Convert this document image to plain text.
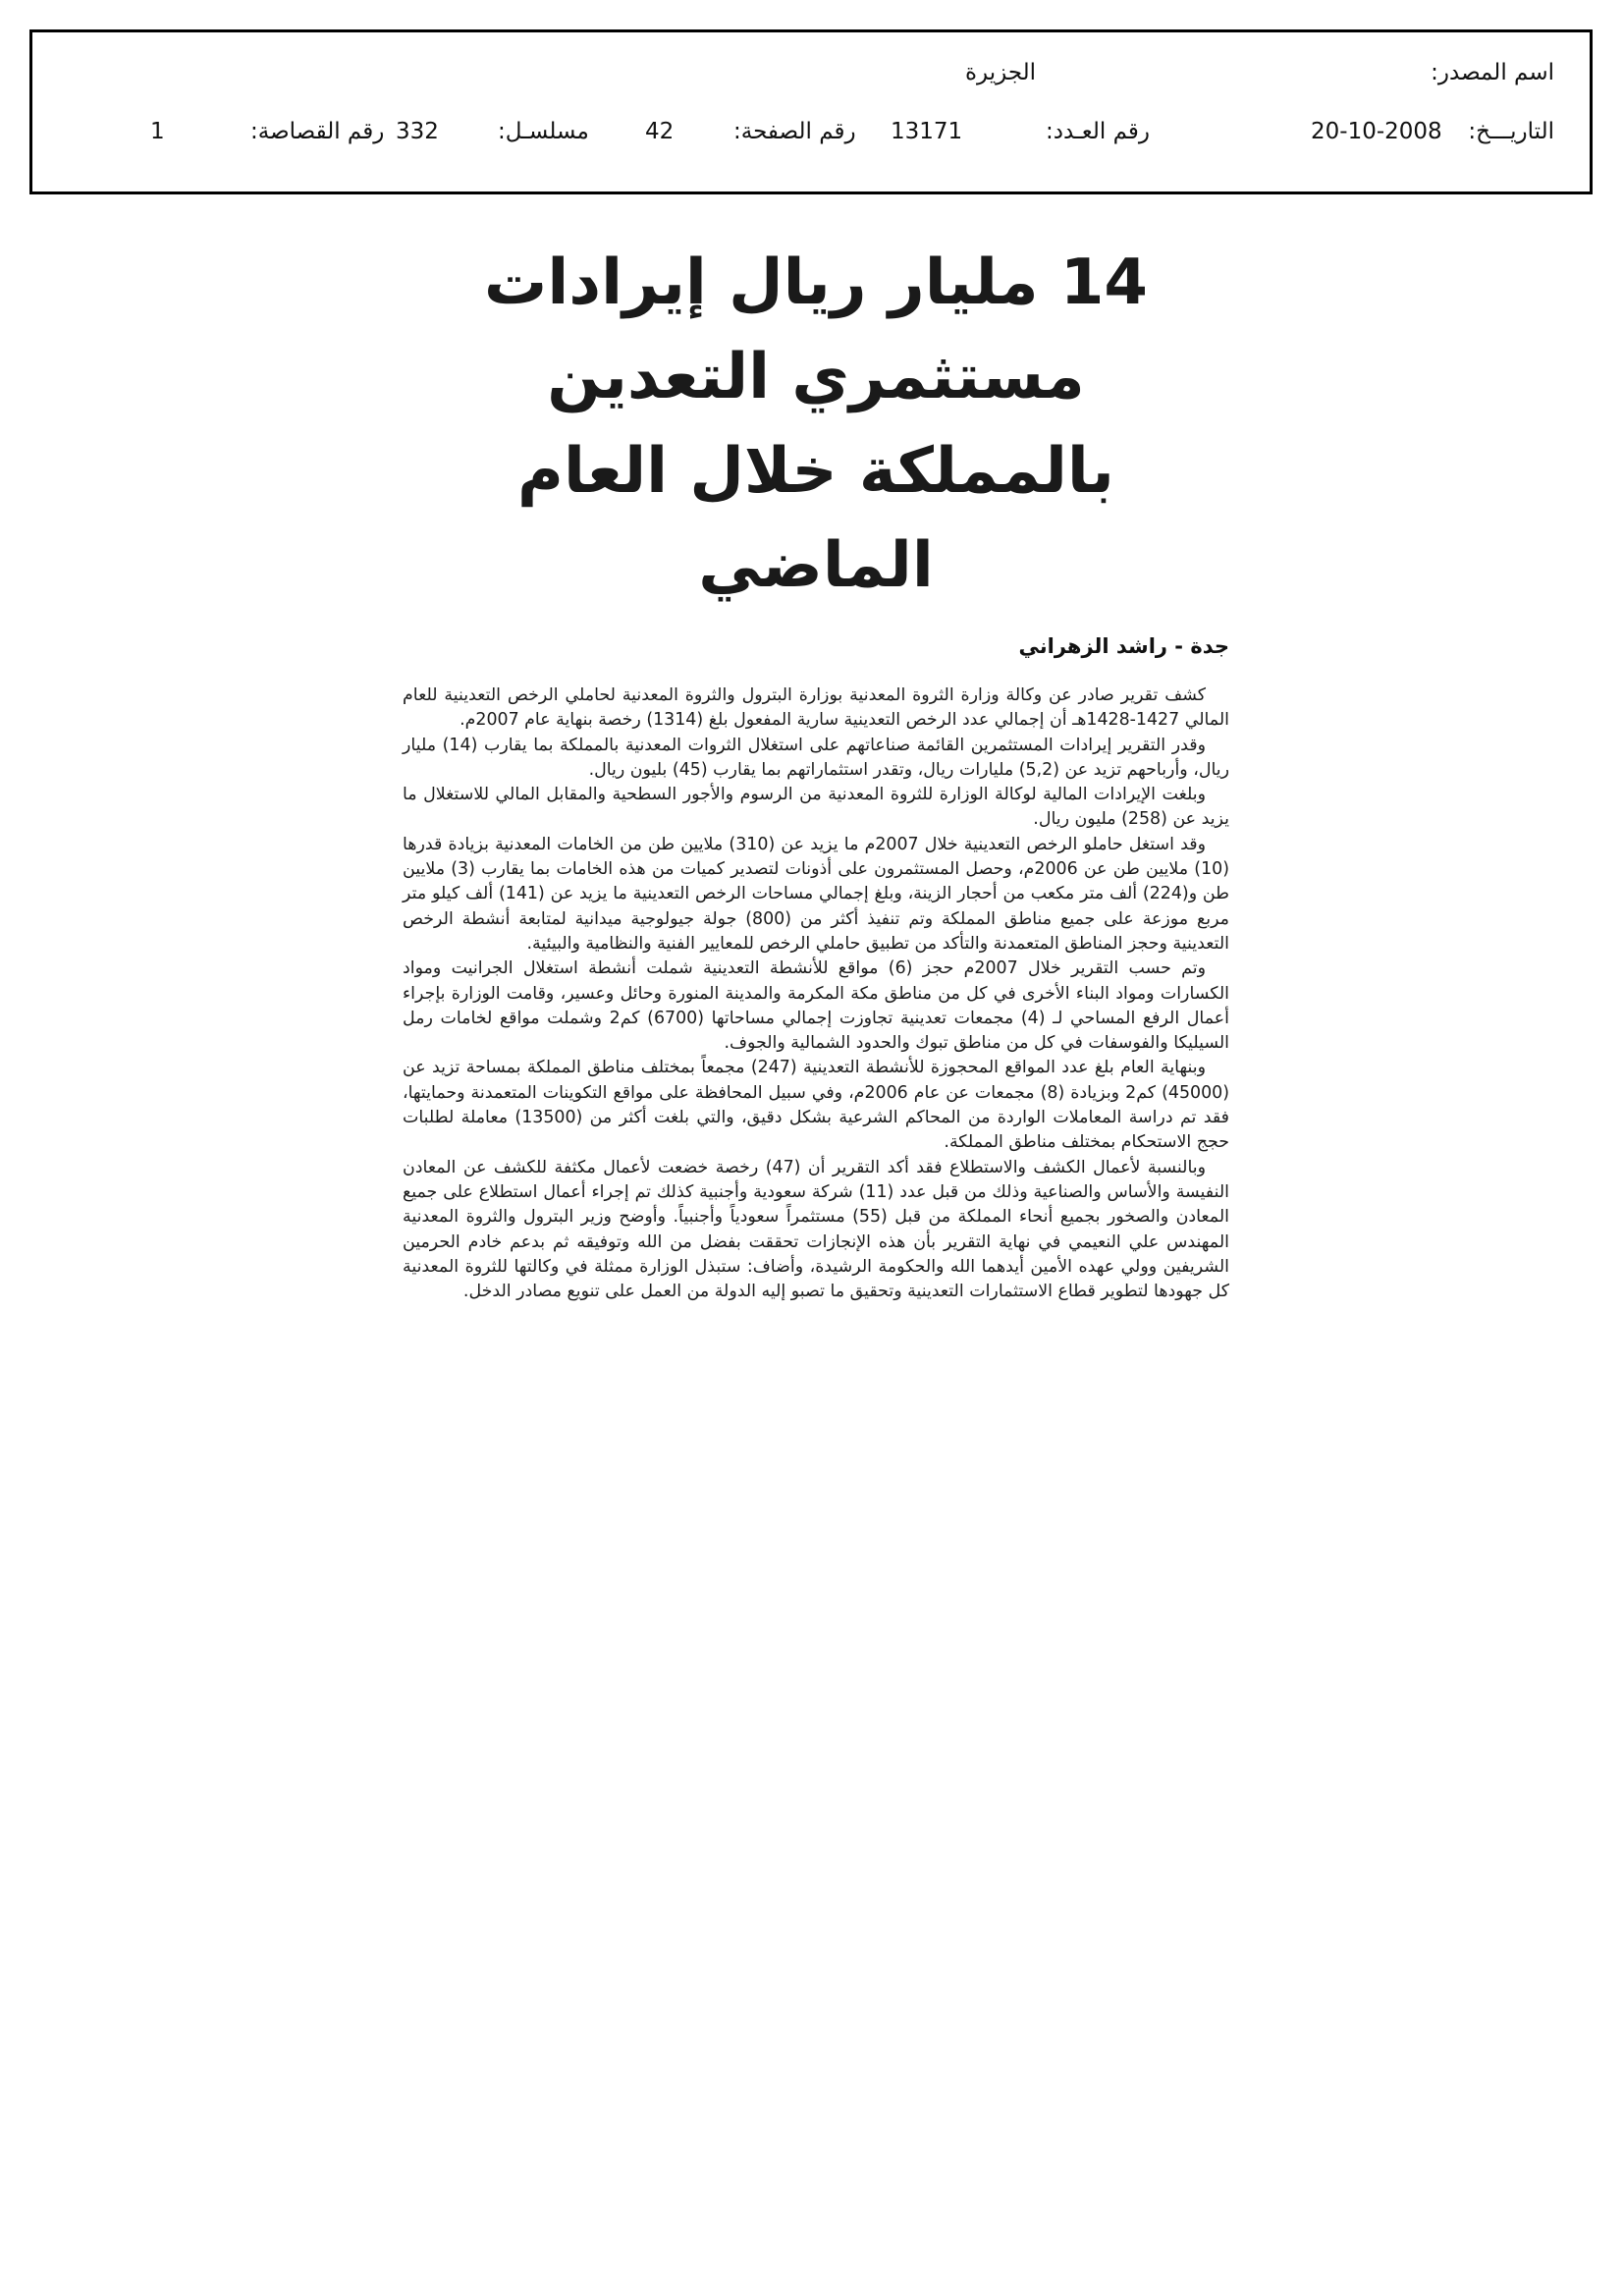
اسم المصدر:
الجزيرة
التاريـــخ:
20-10-2008
رقم العـدد:
13171
رقم الصفحة:
42
مسلسـل:
332
رقم القصاصة:
1
14 مليار ريال إيرادات مستثمري التعدين
بالمملكة خلال العام الماضي
جدة - راشد الزهراني

كشف تقرير صادر عن وكالة وزارة الثروة المعدنية بوزارة البترول والثروة المعدنية لحاملي الرخص التعدينية للعام المالي 1427-1428هـ أن إجمالي عدد الرخص التعدينية سارية المفعول بلغ (1314) رخصة بنهاية عام 2007م.

وقدر التقرير إيرادات المستثمرين القائمة صناعاتهم على استغلال الثروات المعدنية بالمملكة بما يقارب (14) مليار ريال، وأرباحهم تزيد عن (5,2) مليارات ريال، وتقدر استثماراتهم بما يقارب (45) بليون ريال.

وبلغت الإيرادات المالية لوكالة الوزارة للثروة المعدنية من الرسوم والأجور السطحية والمقابل المالي للاستغلال ما يزيد عن (258) مليون ريال.

وقد استغل حاملو الرخص التعدينية خلال 2007م ما يزيد عن (310) ملايين طن من الخامات المعدنية بزيادة قدرها (10) ملايين طن عن 2006م، وحصل المستثمرون على أذونات لتصدير كميات من هذه الخامات بما يقارب (3) ملايين طن و(224) ألف متر مكعب من أحجار الزينة، وبلغ إجمالي مساحات الرخص التعدينية ما يزيد عن (141) ألف كيلو متر مربع موزعة على جميع مناطق المملكة وتم تنفيذ أكثر من (800) جولة جيولوجية ميدانية لمتابعة أنشطة الرخص التعدينية وحجز المناطق المتعمدنة والتأكد من تطبيق حاملي الرخص للمعايير الفنية والنظامية والبيئية.

وتم حسب التقرير خلال 2007م حجز (6) مواقع للأنشطة التعدينية شملت أنشطة استغلال الجرانيت ومواد الكسارات ومواد البناء الأخرى في كل من مناطق مكة المكرمة والمدينة المنورة وحائل وعسير، وقامت الوزارة بإجراء أعمال الرفع المساحي لـ (4) مجمعات تعدينية تجاوزت إجمالي مساحاتها (6700) كم2 وشملت مواقع لخامات رمل السيليكا والفوسفات في كل من مناطق تبوك والحدود الشمالية والجوف.

وبنهاية العام بلغ عدد المواقع المحجوزة للأنشطة التعدينية (247) مجمعاً بمختلف مناطق المملكة بمساحة تزيد عن (45000) كم2 وبزيادة (8) مجمعات عن عام 2006م، وفي سبيل المحافظة على مواقع التكوينات المتعمدنة وحمايتها، فقد تم دراسة المعاملات الواردة من المحاكم الشرعية بشكل دقيق، والتي بلغت أكثر من (13500) معاملة لطلبات حجج الاستحكام بمختلف مناطق المملكة.

وبالنسبة لأعمال الكشف والاستطلاع فقد أكد التقرير أن (47) رخصة خضعت لأعمال مكثفة للكشف عن المعادن النفيسة والأساس والصناعية وذلك من قبل عدد (11) شركة سعودية وأجنبية كذلك تم إجراء أعمال استطلاع على جميع المعادن والصخور بجميع أنحاء المملكة من قبل (55) مستثمراً سعودياً وأجنبياً. وأوضح وزير البترول والثروة المعدنية المهندس علي النعيمي في نهاية التقرير بأن هذه الإنجازات تحققت بفضل من الله وتوفيقه ثم بدعم خادم الحرمين الشريفين وولي عهده الأمين أيدهما الله والحكومة الرشيدة، وأضاف: ستبذل الوزارة ممثلة في وكالتها للثروة المعدنية كل جهودها لتطوير قطاع الاستثمارات التعدينية وتحقيق ما تصبو إليه الدولة من العمل على تنويع مصادر الدخل.
